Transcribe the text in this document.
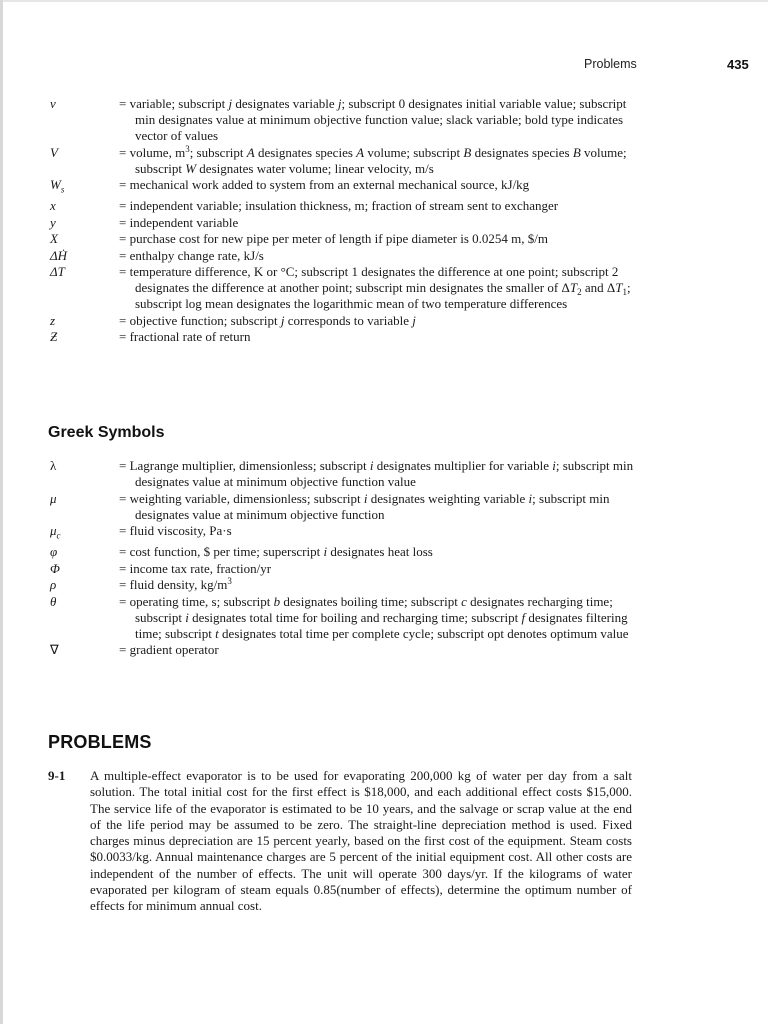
Problems	435
v	= variable; subscript j designates variable j; subscript 0 designates initial variable value; subscript min designates value at minimum objective function value; slack variable; bold type indicates vector of values
V	= volume, $m^3$; subscript A designates species A volume; subscript B designates species B volume; subscript W designates water volume; linear velocity, m/s
$W_s$	= mechanical work added to system from an external mechanical source, kJ/kg
x	= independent variable; insulation thickness, m; fraction of stream sent to exchanger
y	= independent variable
X	= purchase cost for new pipe per meter of length if pipe diameter is 0.0254 m, $/m
ΔḢ	= enthalpy change rate, kJ/s
ΔT	= temperature difference, K or °C; subscript 1 designates the difference at one point; subscript 2 designates the difference at another point; subscript min designates the smaller of $\Delta T_2$ and $\Delta T_1$; subscript log mean designates the logarithmic mean of two temperature differences
z	= objective function; subscript j corresponds to variable j
Ƶ	= fractional rate of return
Greek Symbols
λ	= Lagrange multiplier, dimensionless; subscript i designates multiplier for variable i; subscript min designates value at minimum objective function value
μ	= weighting variable, dimensionless; subscript i designates weighting variable i; subscript min designates value at minimum objective function
$\mu_c$	= fluid viscosity, Pa·s
φ	= cost function, $ per time; superscript i designates heat loss
Φ	= income tax rate, fraction/yr
ρ	= fluid density, $kg/m^3$
θ	= operating time, s; subscript b designates boiling time; subscript c designates recharging time; subscript i designates total time for boiling and recharging time; subscript f designates filtering time; subscript t designates total time per complete cycle; subscript opt denotes optimum value
∇	= gradient operator
PROBLEMS
9-1	A multiple-effect evaporator is to be used for evaporating 200,000 kg of water per day from a salt solution. The total initial cost for the first effect is $18,000, and each additional effect costs $15,000. The service life of the evaporator is estimated to be 10 years, and the salvage or scrap value at the end of the life period may be assumed to be zero. The straight-line depreciation method is used. Fixed charges minus depreciation are 15 percent yearly, based on the first cost of the equipment. Steam costs $0.0033/kg. Annual maintenance charges are 5 percent of the initial equipment cost. All other costs are independent of the number of effects. The unit will operate 300 days/yr. If the kilograms of water evaporated per kilogram of steam equals 0.85(number of effects), determine the optimum number of effects for minimum annual cost.
